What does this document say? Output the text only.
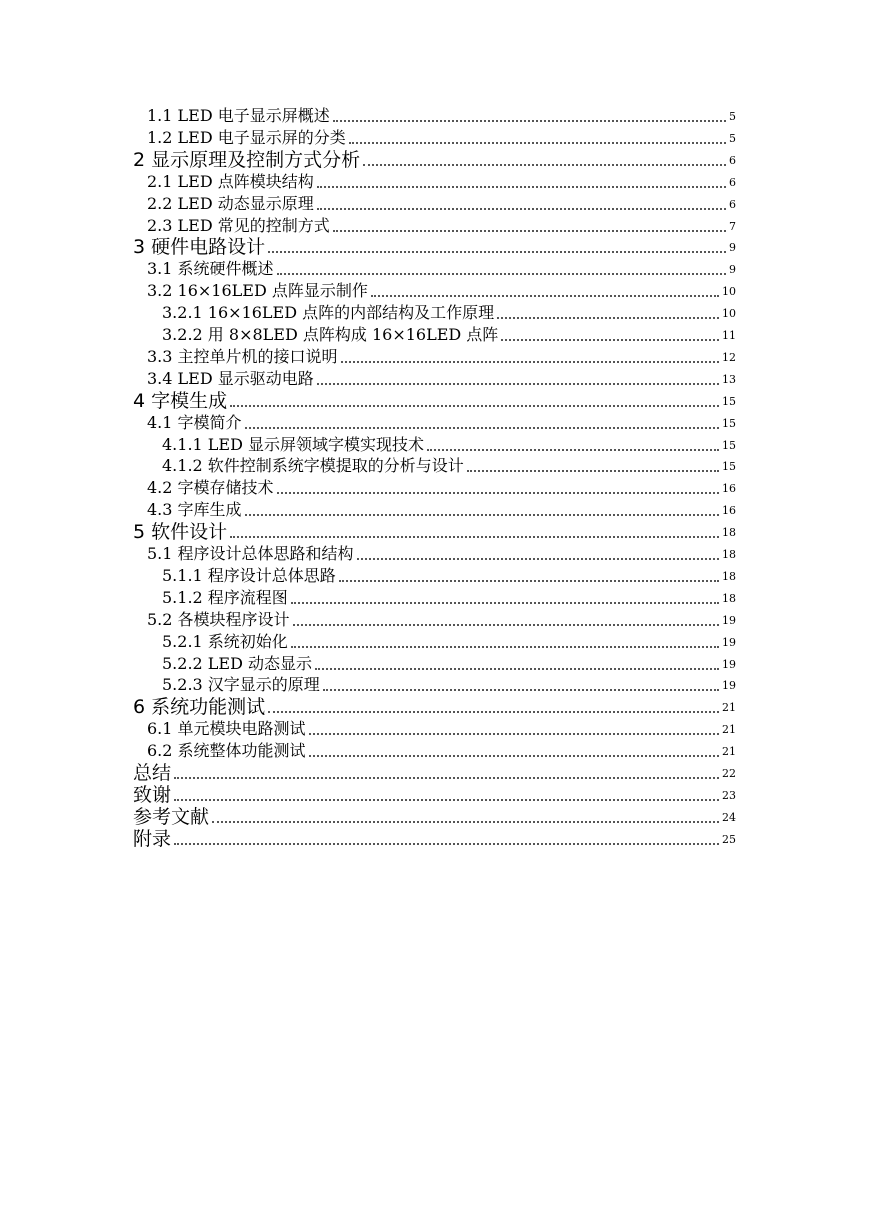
1.1 LED 电子显示屏概述	5
1.2 LED 电子显示屏的分类	5
2 显示原理及控制方式分析	6
2.1 LED 点阵模块结构	6
2.2 LED 动态显示原理	6
2.3 LED 常见的控制方式	7
3 硬件电路设计	9
3.1 系统硬件概述	9
3.2 16×16LED 点阵显示制作	10
3.2.1 16×16LED 点阵的内部结构及工作原理	10
3.2.2 用 8×8LED 点阵构成 16×16LED 点阵	11
3.3 主控单片机的接口说明	12
3.4 LED 显示驱动电路	13
4 字模生成	15
4.1 字模简介	15
4.1.1 LED 显示屏领域字模实现技术	15
4.1.2 软件控制系统字模提取的分析与设计	15
4.2 字模存储技术	16
4.3 字库生成	16
5 软件设计	18
5.1 程序设计总体思路和结构	18
5.1.1 程序设计总体思路	18
5.1.2 程序流程图	18
5.2 各模块程序设计	19
5.2.1 系统初始化	19
5.2.2 LED 动态显示	19
5.2.3 汉字显示的原理	19
6 系统功能测试	21
6.1 单元模块电路测试	21
6.2 系统整体功能测试	21
总结	22
致谢	23
参考文献	24
附录	25
